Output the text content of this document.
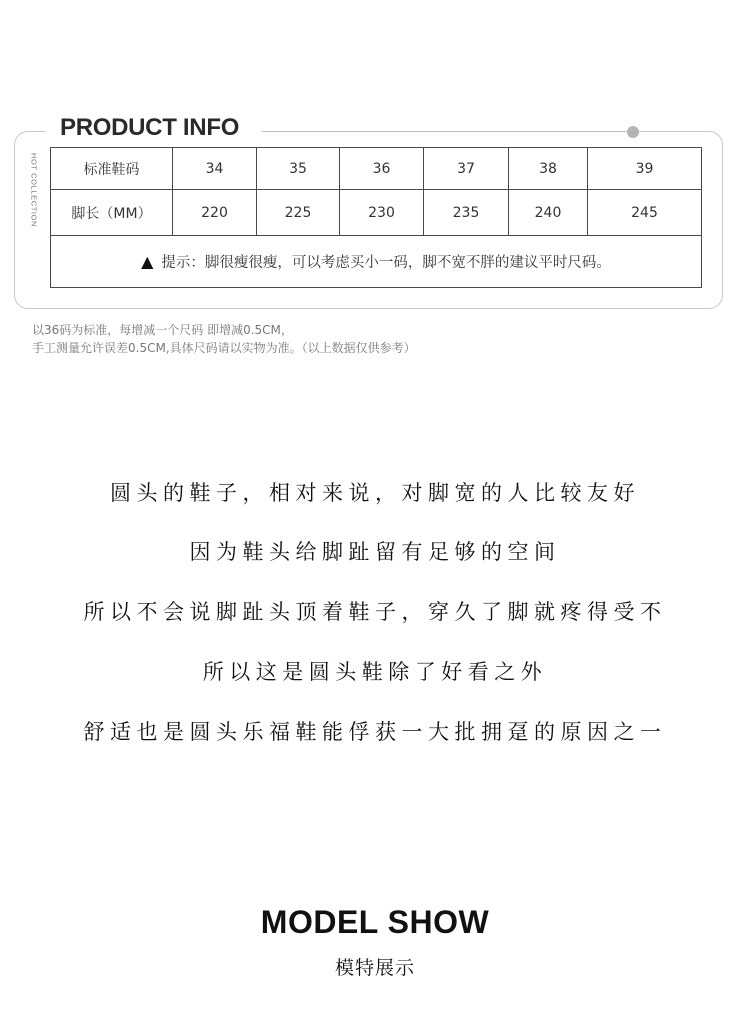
PRODUCT INFO
HOT COLLECTION	标准鞋码	34	35	36	37	38	39
脚长（MM）	220	225	230	235	240	245
▲ 提示：脚很瘦很瘦，可以考虑买小一码，脚不宽不胖的建议平时尺码。						
以36码为标准，每增减一个尺码 即增减0.5CM，
手工测量允许误差0.5CM,具体尺码请以实物为准。（以上数据仅供参考）
圆头的鞋子，相对来说，对脚宽的人比较友好
因为鞋头给脚趾留有足够的空间
所以不会说脚趾头顶着鞋子，穿久了脚就疼得受不
所以这是圆头鞋除了好看之外
舒适也是圆头乐福鞋能俘获一大批拥趸的原因之一
MODEL SHOW
模特展示
